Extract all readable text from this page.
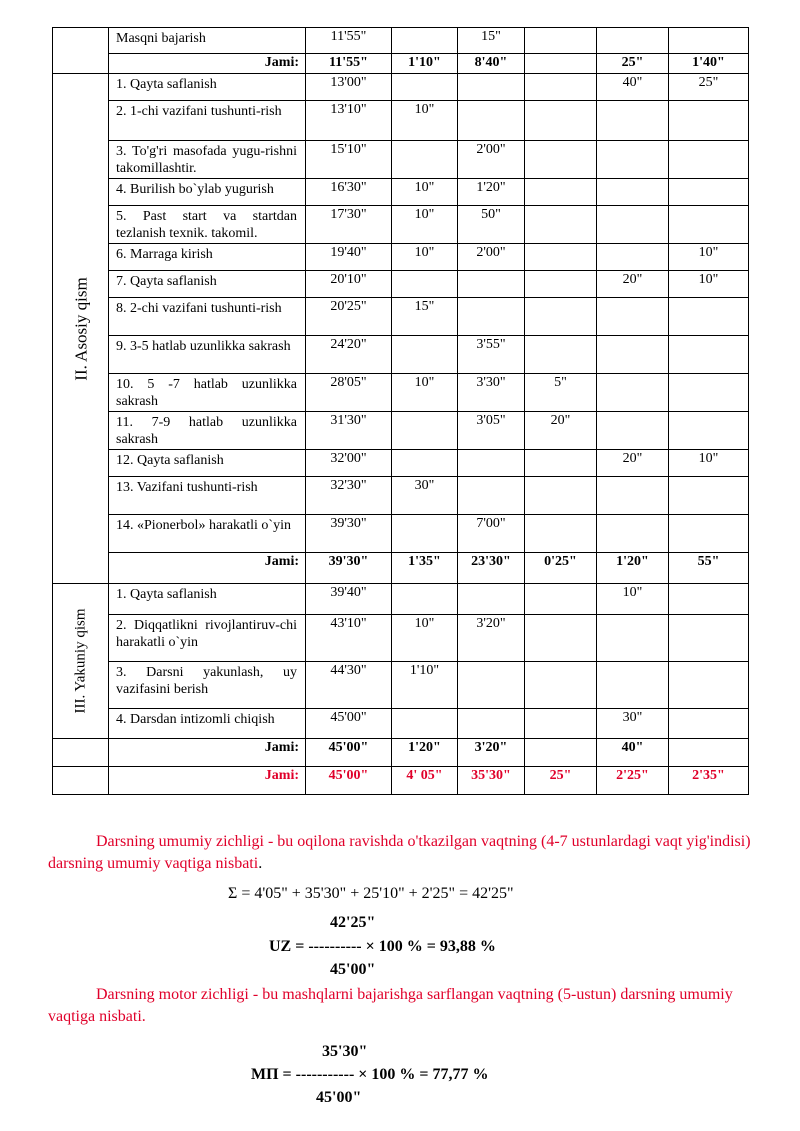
	Masqni bajarish	11'55"		15"			
	Jami:	11'55"	1'10"	8'40"		25"	1'40"

II. Asosiy qism	1. Qayta saflanish	13'00"				40"	25"
	2. 1-chi vazifani tushunti-rish	13'10"	10"				
	3. To'g'ri masofada yugu-rishni takomillashtir.	15'10"		2'00"			
	4. Burilish bo`ylab yugurish	16'30"	10"	1'20"			
	5. Past start va startdan tezlanish texnik. takomil.	17'30"	10"	50"			
	6. Marraga kirish	19'40"	10"	2'00"			10"
	7. Qayta saflanish	20'10"				20"	10"
	8. 2-chi vazifani tushunti-rish	20'25"	15"				
	9. 3-5 hatlab uzunlikka sakrash	24'20"		3'55"			
	10. 5 -7 hatlab uzunlikka sakrash	28'05"	10"	3'30"	5"		
	11. 7-9 hatlab uzunlikka sakrash	31'30"		3'05"	20"		
	12. Qayta saflanish	32'00"				20"	10"
	13. Vazifani tushunti-rish	32'30"	30"				
	14. «Pionerbol» harakatli o`yin	39'30"		7'00"			
	Jami:	39'30"	1'35"	23'30"	0'25"	1'20"	55"

III. Yakuniy qism	1. Qayta saflanish	39'40"				10"	
	2. Diqqatlikni rivojlantiruv-chi harakatli o`yin	43'10"	10"	3'20"			
	3. Darsni yakunlash, uy vazifasini berish	44'30"	1'10"				
	4. Darsdan intizomli chiqish	45'00"				30"	
	Jami:	45'00"	1'20"	3'20"		40"	
	Jami:	45'00"	4' 05"	35'30"	25"	2'25"	2'35"
Darsning umumiy zichligi - bu oqilona ravishda o'tkazilgan vaqtning (4-7 ustunlardagi vaqt yig'indisi) darsning umumiy vaqtiga nisbati.
Σ = 4'05" + 35'30" + 25'10" + 2'25" = 42'25"
42'25"
UZ = ---------- × 100 % = 93,88 %
45'00"
Darsning motor zichligi - bu mashqlarni bajarishga sarflangan vaqtning (5-ustun) darsning umumiy vaqtiga nisbati.
35'30"
МП = ----------- × 100 % = 77,77 %
45'00"
